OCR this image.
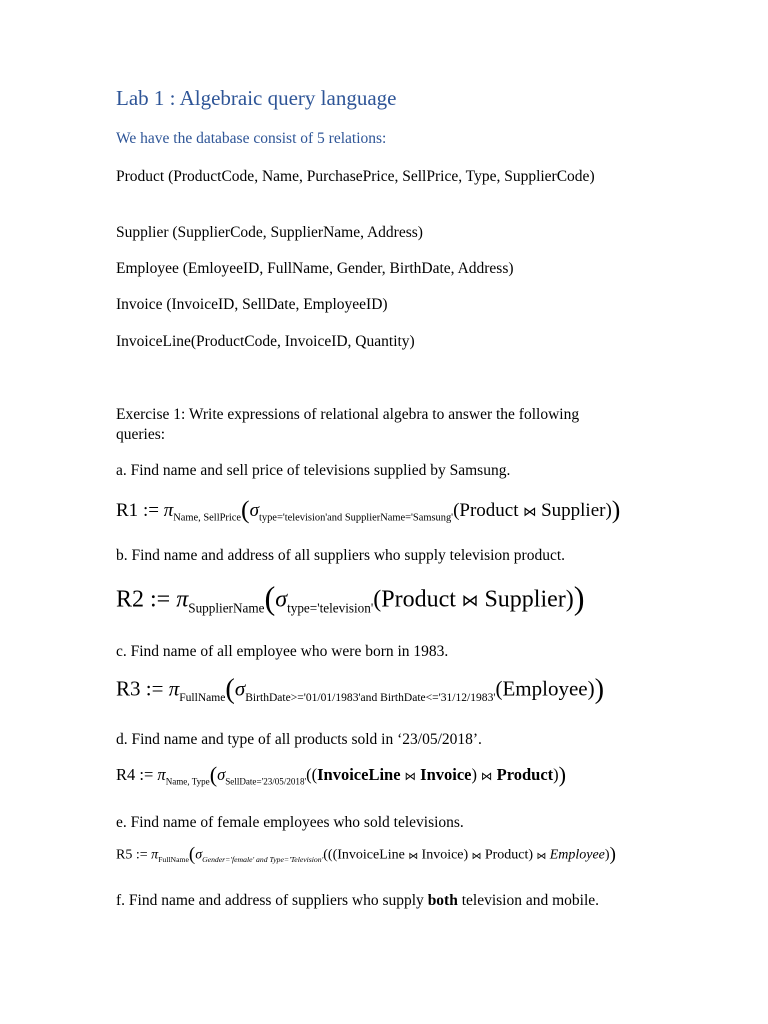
Lab 1 : Algebraic query language
We have the database consist of 5 relations:
Product (ProductCode, Name, PurchasePrice, SellPrice, Type, SupplierCode)
Supplier (SupplierCode, SupplierName, Address)
Employee (EmloyeeID, FullName, Gender, BirthDate, Address)
Invoice (InvoiceID, SellDate, EmployeeID)
InvoiceLine(ProductCode, InvoiceID, Quantity)
Exercise 1: Write expressions of relational algebra to answer the following queries:
a. Find name and sell price of televisions supplied by Samsung.
R1 := $\pi_{Name, SellPrice}(\sigma_{type='television'and SupplierName='Samsung'}(Product$ ⋈ Supplier))
b. Find name and address of all suppliers who supply television product.
R2 := $\pi_{SupplierName}(\sigma_{type='television'}(Product$ ⋈ Supplier))
c. Find name of all employee who were born in 1983.
R3 := $\pi_{FullName}(\sigma_{BirthDate>='01/01/1983'and BirthDate<='31/12/1983'}(Employee))$
d. Find name and type of all products sold in ‘23/05/2018’.
R4 := $\pi_{Name, Type}(\sigma_{SellDate='23/05/2018'}((InvoiceLine$ ⋈ Invoice) ⋈ Product))
e. Find name of female employees who sold televisions.
R5 := $\pi_{FullName}(\sigma_{Gender='female' and Type='Television'}(((InvoiceLine$ ⋈ Invoice) ⋈ Product) ⋈ Employee))
f. Find name and address of suppliers who supply both television and mobile.
